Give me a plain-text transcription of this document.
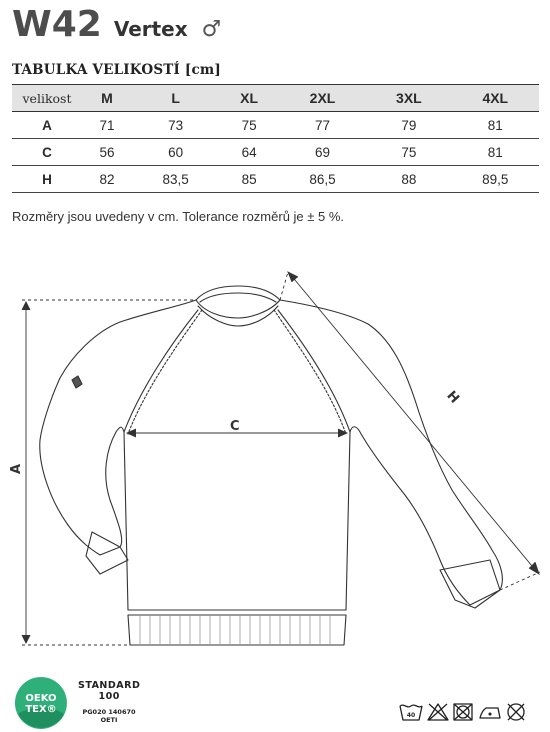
W42 Vertex ♂
TABULKA VELIKOSTÍ [cm]
velikost	M	L	XL	2XL	3XL	4XL
A	71	73	75	77	79	81
C	56	60	64	69	75	81
H	82	83,5	85	86,5	88	89,5
Rozměry jsou uvedeny v cm. Tolerance rozměrů je ± 5 %.
A
C
H
OEKO
TEX®
STANDARD
100
PG020 140670
OETI
40
